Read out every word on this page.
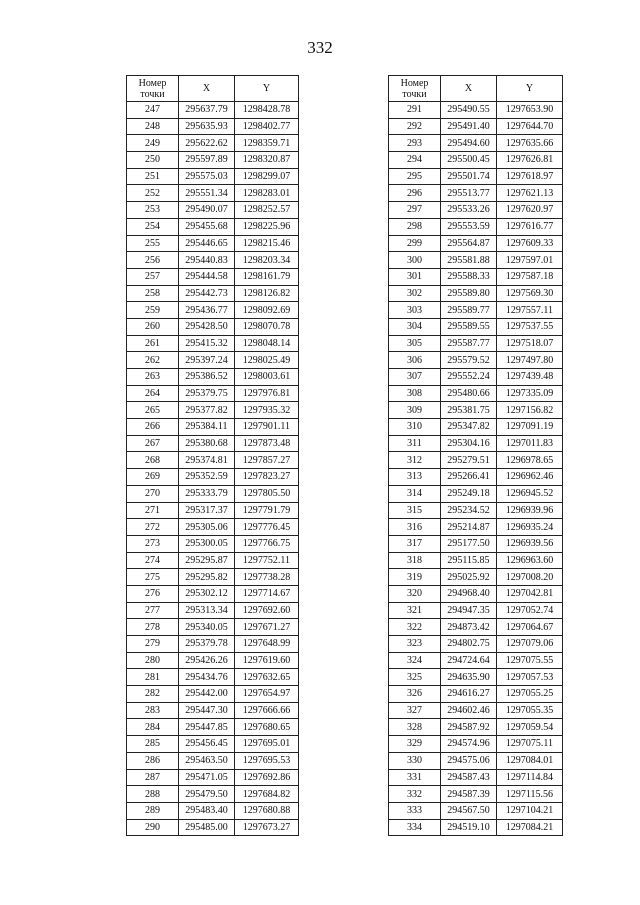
332
Номер
точки	X	Y
247	295637.79	1298428.78
248	295635.93	1298402.77
249	295622.62	1298359.71
250	295597.89	1298320.87
251	295575.03	1298299.07
252	295551.34	1298283.01
253	295490.07	1298252.57
254	295455.68	1298225.96
255	295446.65	1298215.46
256	295440.83	1298203.34
257	295444.58	1298161.79
258	295442.73	1298126.82
259	295436.77	1298092.69
260	295428.50	1298070.78
261	295415.32	1298048.14
262	295397.24	1298025.49
263	295386.52	1298003.61
264	295379.75	1297976.81
265	295377.82	1297935.32
266	295384.11	1297901.11
267	295380.68	1297873.48
268	295374.81	1297857.27
269	295352.59	1297823.27
270	295333.79	1297805.50
271	295317.37	1297791.79
272	295305.06	1297776.45
273	295300.05	1297766.75
274	295295.87	1297752.11
275	295295.82	1297738.28
276	295302.12	1297714.67
277	295313.34	1297692.60
278	295340.05	1297671.27
279	295379.78	1297648.99
280	295426.26	1297619.60
281	295434.76	1297632.65
282	295442.00	1297654.97
283	295447.30	1297666.66
284	295447.85	1297680.65
285	295456.45	1297695.01
286	295463.50	1297695.53
287	295471.05	1297692.86
288	295479.50	1297684.82
289	295483.40	1297680.88
290	295485.00	1297673.27
Номер
точки	X	Y
291	295490.55	1297653.90
292	295491.40	1297644.70
293	295494.60	1297635.66
294	295500.45	1297626.81
295	295501.74	1297618.97
296	295513.77	1297621.13
297	295533.26	1297620.97
298	295553.59	1297616.77
299	295564.87	1297609.33
300	295581.88	1297597.01
301	295588.33	1297587.18
302	295589.80	1297569.30
303	295589.77	1297557.11
304	295589.55	1297537.55
305	295587.77	1297518.07
306	295579.52	1297497.80
307	295552.24	1297439.48
308	295480.66	1297335.09
309	295381.75	1297156.82
310	295347.82	1297091.19
311	295304.16	1297011.83
312	295279.51	1296978.65
313	295266.41	1296962.46
314	295249.18	1296945.52
315	295234.52	1296939.96
316	295214.87	1296935.24
317	295177.50	1296939.56
318	295115.85	1296963.60
319	295025.92	1297008.20
320	294968.40	1297042.81
321	294947.35	1297052.74
322	294873.42	1297064.67
323	294802.75	1297079.06
324	294724.64	1297075.55
325	294635.90	1297057.53
326	294616.27	1297055.25
327	294602.46	1297055.35
328	294587.92	1297059.54
329	294574.96	1297075.11
330	294575.06	1297084.01
331	294587.43	1297114.84
332	294587.39	1297115.56
333	294567.50	1297104.21
334	294519.10	1297084.21
